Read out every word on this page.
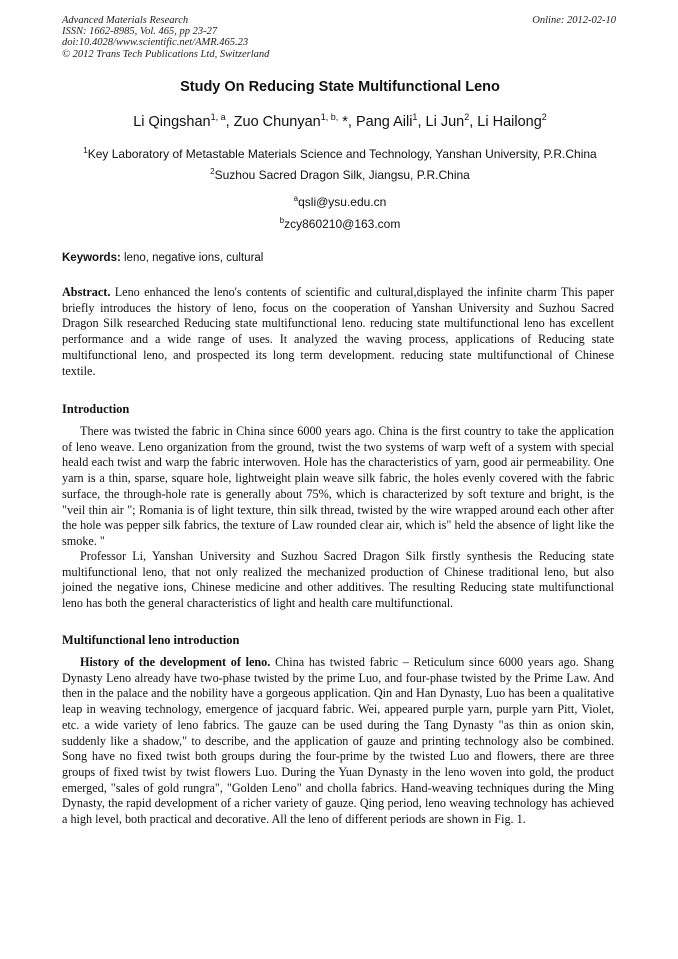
Advanced Materials Research
ISSN: 1662-8985, Vol. 465, pp 23-27
doi:10.4028/www.scientific.net/AMR.465.23
© 2012 Trans Tech Publications Ltd, Switzerland
Online: 2012-02-10
Study On Reducing State Multifunctional Leno
Li Qingshan$^{1, a}$, Zuo Chunyan$^{1, b,}$ *, Pang Aili$^1$, Li Jun$^2$, Li Hailong$^2$
$^1$Key Laboratory of Metastable Materials Science and Technology, Yanshan University, P.R.China
$^2$Suzhou Sacred Dragon Silk, Jiangsu, P.R.China
$^a$qsli@ysu.edu.cn
$^b$zcy860210@163.com
Keywords: leno, negative ions, cultural

Abstract. Leno enhanced the leno's contents of scientific and cultural,displayed the infinite charm This paper briefly introduces the history of leno, focus on the cooperation of Yanshan University and Suzhou Sacred Dragon Silk researched Reducing state multifunctional leno. reducing state multifunctional leno has excellent performance and a wide range of uses. It analyzed the waving process, applications of Reducing state multifunctional leno, and prospected its long term development. reducing state multifunctional of Chinese textile.

Introduction

There was twisted the fabric in China since 6000 years ago. China is the first country to take the application of leno weave. Leno organization from the ground, twist the two systems of warp weft of a system with special heald each twist and warp the fabric interwoven. Hole has the characteristics of yarn, good air permeability. One yarn is a thin, sparse, square hole, lightweight plain weave silk fabric, the holes evenly covered with the fabric surface, the through-hole rate is generally about 75%, which is characterized by soft texture and bright, is the "veil thin air "; Romania is of light texture, thin silk thread, twisted by the wire wrapped around each other after the hole was pepper silk fabrics, the texture of Law rounded clear air, which is" held the absence of light like the smoke. "

Professor Li, Yanshan University and Suzhou Sacred Dragon Silk firstly synthesis the Reducing state multifunctional leno, that not only realized the mechanized production of Chinese traditional leno, but also joined the negative ions, Chinese medicine and other additives. The resulting Reducing state multifunctional leno has both the general characteristics of light and health care multifunctional.

Multifunctional leno introduction

History of the development of leno. China has twisted fabric – Reticulum since 6000 years ago. Shang Dynasty Leno already have two-phase twisted by the prime Luo, and four-phase twisted by the Prime Law. And then in the palace and the nobility have a gorgeous application. Qin and Han Dynasty, Luo has been a qualitative leap in weaving technology, emergence of jacquard fabric. Wei, appeared purple yarn, purple yarn Pitt, Violet, etc. a wide variety of leno fabrics. The gauze can be used during the Tang Dynasty "as thin as onion skin, suddenly like a shadow," to describe, and the application of gauze and printing technology also be combined. Song have no fixed twist both groups during the four-prime by the twisted Luo and flowers, there are three groups of fixed twist by twist flowers Luo. During the Yuan Dynasty in the leno woven into gold, the product emerged, "sales of gold rungra", "Golden Leno" and cholla fabrics. Hand-weaving techniques during the Ming Dynasty, the rapid development of a richer variety of gauze. Qing period, leno weaving technology has achieved a high level, both practical and decorative. All the leno of different periods are shown in Fig. 1.
